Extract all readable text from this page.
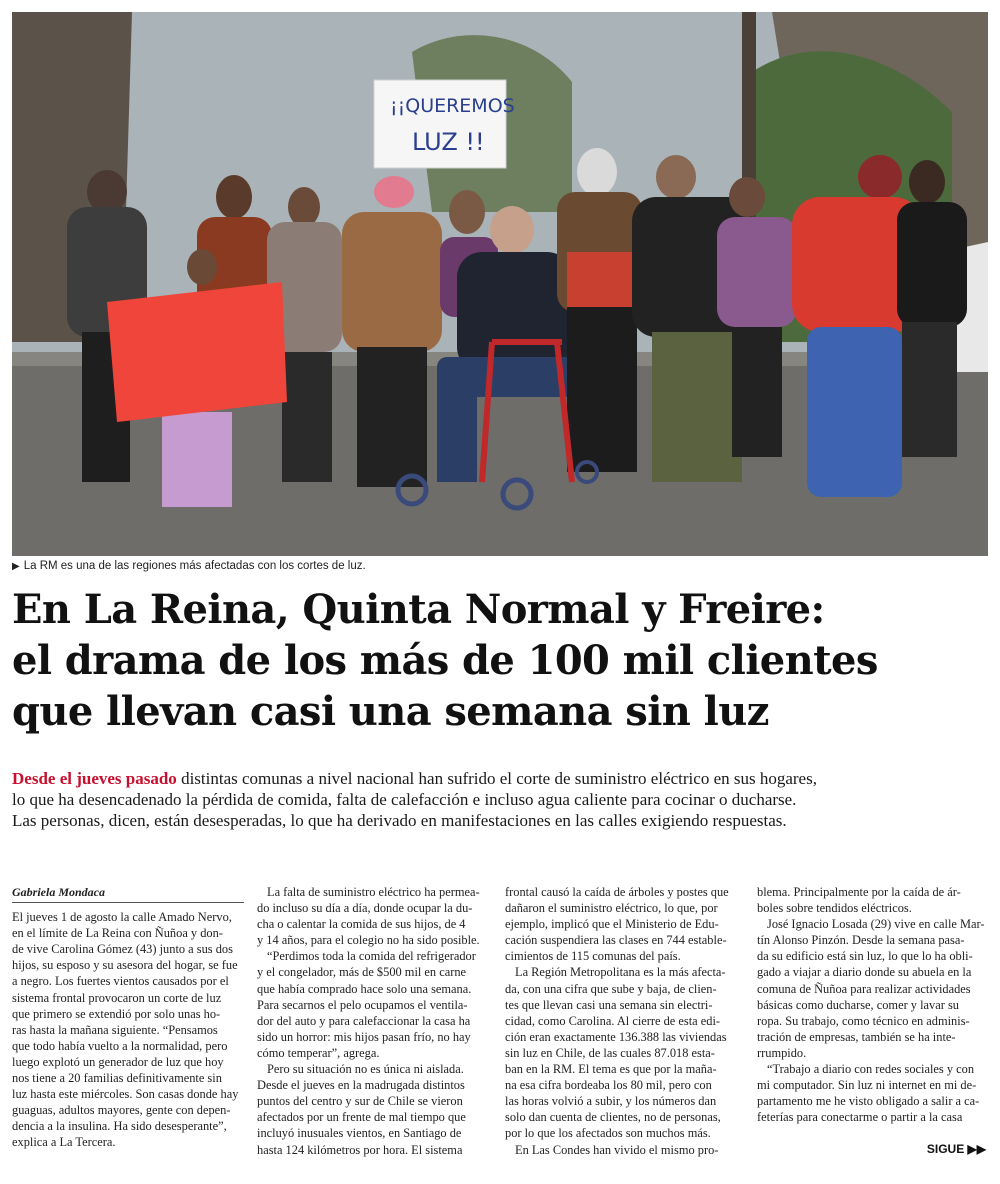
¡¡QUEREMOS
LUZ !!
▶ La RM es una de las regiones más afectadas con los cortes de luz.
En La Reina, Quinta Normal y Freire:
el drama de los más de 100 mil clientes
que llevan casi una semana sin luz

Desde el jueves pasado distintas comunas a nivel nacional han sufrido el corte de suministro eléctrico en sus hogares,
lo que ha desencadenado la pérdida de comida, falta de calefacción e incluso agua caliente para cocinar o ducharse.
Las personas, dicen, están desesperadas, lo que ha derivado en manifestaciones en las calles exigiendo respuestas.

Gabriela Mondaca
El jueves 1 de agosto la calle Amado Nervo,
en el límite de La Reina con Ñuñoa y don-
de vive Carolina Gómez (43) junto a sus dos
hijos, su esposo y su asesora del hogar, se fue
a negro. Los fuertes vientos causados por el
sistema frontal provocaron un corte de luz
que primero se extendió por solo unas ho-
ras hasta la mañana siguiente. “Pensamos
que todo había vuelto a la normalidad, pero
luego explotó un generador de luz que hoy
nos tiene a 20 familias definitivamente sin
luz hasta este miércoles. Son casas donde hay
guaguas, adultos mayores, gente con depen-
dencia a la insulina. Ha sido desesperante”,
explica a La Tercera.
La falta de suministro eléctrico ha permea-
do incluso su día a día, donde ocupar la du-
cha o calentar la comida de sus hijos, de 4
y 14 años, para el colegio no ha sido posible.
“Perdimos toda la comida del refrigerador
y el congelador, más de $500 mil en carne
que había comprado hace solo una semana.
Para secarnos el pelo ocupamos el ventila-
dor del auto y para calefaccionar la casa ha
sido un horror: mis hijos pasan frío, no hay
cómo temperar”, agrega.
Pero su situación no es única ni aislada.
Desde el jueves en la madrugada distintos
puntos del centro y sur de Chile se vieron
afectados por un frente de mal tiempo que
incluyó inusuales vientos, en Santiago de
hasta 124 kilómetros por hora. El sistema
frontal causó la caída de árboles y postes que
dañaron el suministro eléctrico, lo que, por
ejemplo, implicó que el Ministerio de Edu-
cación suspendiera las clases en 744 estable-
cimientos de 115 comunas del país.
La Región Metropolitana es la más afecta-
da, con una cifra que sube y baja, de clien-
tes que llevan casi una semana sin electri-
cidad, como Carolina. Al cierre de esta edi-
ción eran exactamente 136.388 las viviendas
sin luz en Chile, de las cuales 87.018 esta-
ban en la RM. El tema es que por la maña-
na esa cifra bordeaba los 80 mil, pero con
las horas volvió a subir, y los números dan
solo dan cuenta de clientes, no de personas,
por lo que los afectados son muchos más.
En Las Condes han vivido el mismo pro-
blema. Principalmente por la caída de ár-
boles sobre tendidos eléctricos.
José Ignacio Losada (29) vive en calle Mar-
tín Alonso Pinzón. Desde la semana pasa-
da su edificio está sin luz, lo que lo ha obli-
gado a viajar a diario donde su abuela en la
comuna de Ñuñoa para realizar actividades
básicas como ducharse, comer y lavar su
ropa. Su trabajo, como técnico en adminis-
tración de empresas, también se ha inte-
rrumpido.
“Trabajo a diario con redes sociales y con
mi computador. Sin luz ni internet en mi de-
partamento me he visto obligado a salir a ca-
feterías para conectarme o partir a la casa
SIGUE ▶▶
